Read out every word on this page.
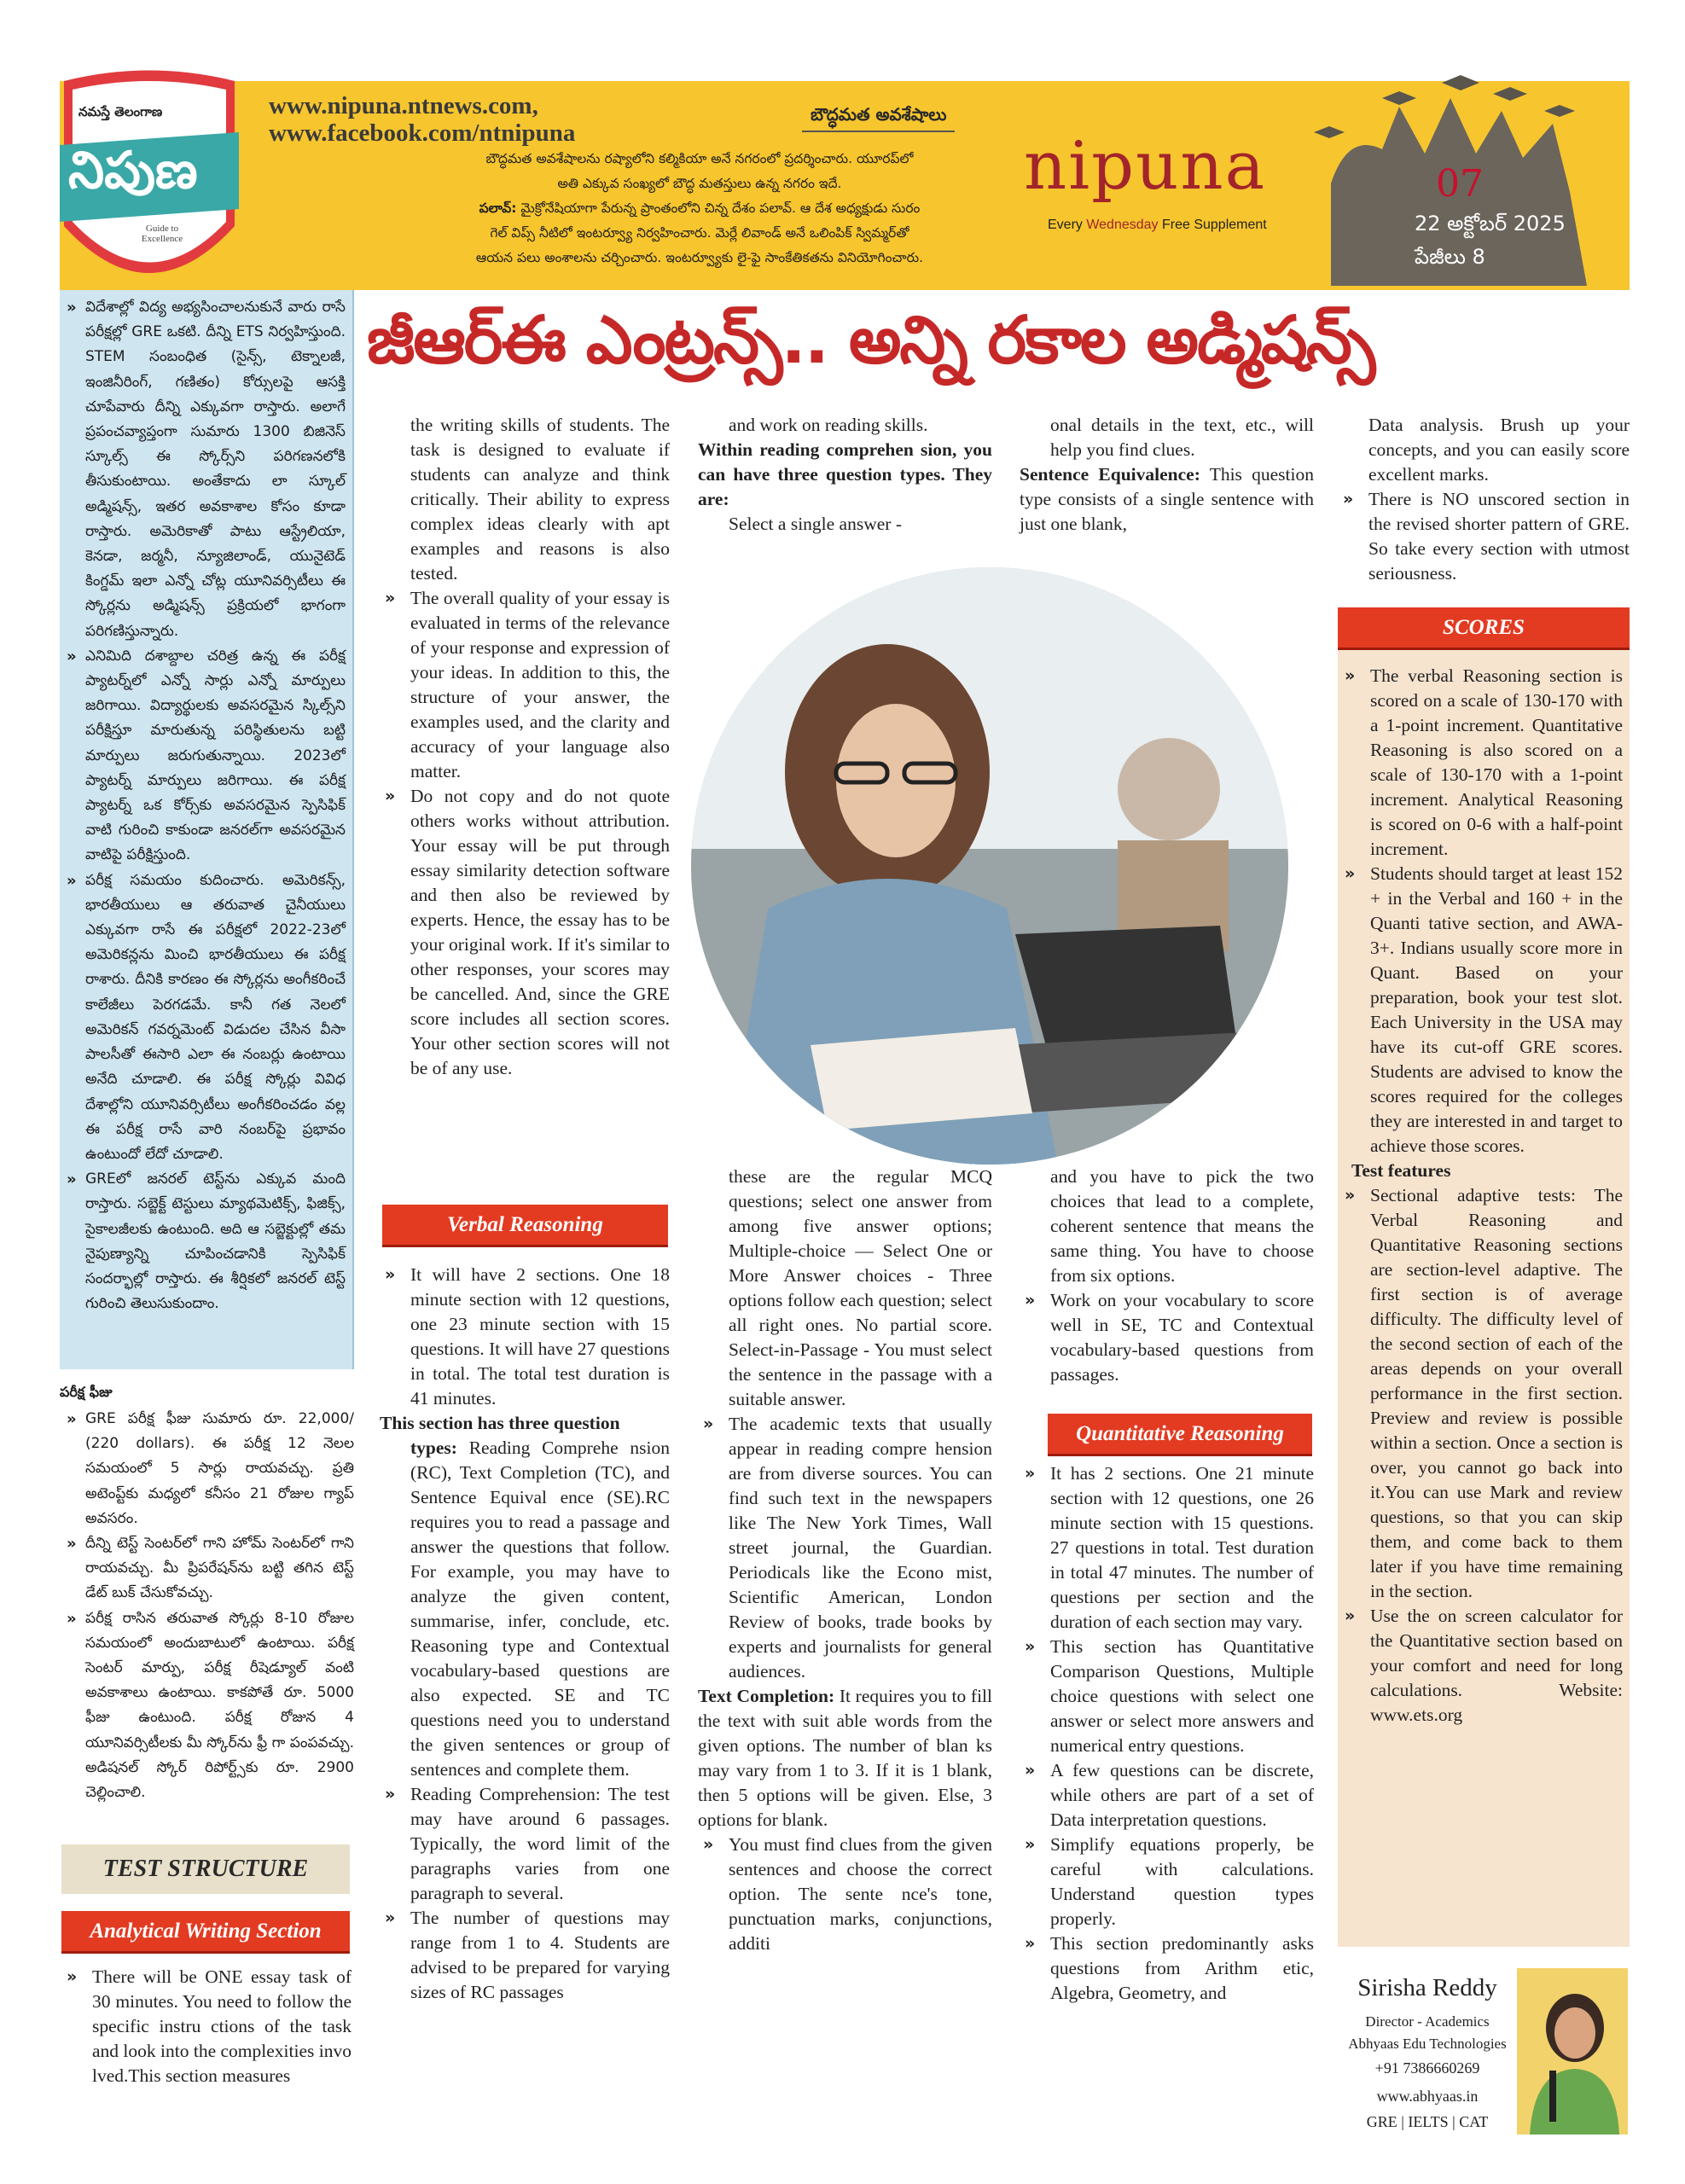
నమస్తే తెలంగాణ
నిపుణ
Guide to Excellence
www.nipuna.ntnews.com,
www.facebook.com/ntnipuna
బౌద్ధమత అవశేషాలు
బౌద్ధమత అవశేషాలను రష్యాలోని కల్మికియా అనే నగరంలో ప్రదర్శించారు. యూరప్‌లో
అతి ఎక్కువ సంఖ్యలో బౌద్ధ మతస్తులు ఉన్న నగరం ఇదే.
పలావ్: మైక్రోనేషియాగా పేరున్న ప్రాంతంలోని చిన్న దేశం పలావ్. ఆ దేశ అధ్యక్షుడు సురం
గెల్ విప్స్ నీటిలో ఇంటర్వ్యూ నిర్వహించారు. మెర్లే లివాండ్ అనే ఒలింపిక్ స్విమ్మర్‌తో
ఆయన పలు అంశాలను చర్చించారు. ఇంటర్వ్యూకు లై-ఫై సాంకేతికతను వినియోగించారు.
nipuna
Every Wednesday Free Supplement
07
22 అక్టోబర్ 2025
పేజీలు 8
జీఆర్ఈ ఎంట్రన్స్.. అన్ని రకాల అడ్మిషన్స్
» విదేశాల్లో విద్య అభ్యసించాలనుకునే వారు రాసే పరీక్షల్లో GRE ఒకటి. దీన్ని ETS నిర్వహిస్తుంది. STEM సంబంధిత (సైన్స్, టెక్నాలజీ, ఇంజినీరింగ్, గణితం) కోర్సులపై ఆసక్తి చూపేవారు దీన్ని ఎక్కువగా రాస్తారు. అలాగే ప్రపంచవ్యాప్తంగా సుమారు 1300 బిజినెస్ స్కూల్స్ ఈ స్కోర్స్‌ని పరిగణనలోకి తీసుకుంటాయి. అంతేకాదు లా స్కూల్ అడ్మిషన్స్, ఇతర అవకాశాల కోసం కూడా రాస్తారు. అమెరికాతో పాటు ఆస్ట్రేలియా, కెనడా, జర్మనీ, న్యూజిలాండ్, యునైటెడ్ కింగ్డమ్ ఇలా ఎన్నో చోట్ల యూనివర్సిటీలు ఈ స్కోర్లను అడ్మిషన్స్ ప్రక్రియలో భాగంగా పరిగణిస్తున్నారు.
» ఎనిమిది దశాబ్దాల చరిత్ర ఉన్న ఈ పరీక్ష ప్యాటర్న్‌లో ఎన్నో సార్లు ఎన్నో మార్పులు జరిగాయి. విద్యార్థులకు అవసరమైన స్కిల్స్‌ని పరీక్షిస్తూ మారుతున్న పరిస్థితులను బట్టి మార్పులు జరుగుతున్నాయి. 2023లో ప్యాటర్న్ మార్పులు జరిగాయి. ఈ పరీక్ష ప్యాటర్న్ ఒక కోర్స్‌కు అవసరమైన స్పెసిఫిక్ వాటి గురించి కాకుండా జనరల్‌గా అవసరమైన వాటిపై పరీక్షిస్తుంది.
» పరీక్ష సమయం కుదించారు. అమెరికన్స్, భారతీయులు ఆ తరువాత చైనీయులు ఎక్కువగా రాసే ఈ పరీక్షలో 2022-23లో అమెరికన్లను మించి భారతీయులు ఈ పరీక్ష రాశారు. దీనికి కారణం ఈ స్కోర్లను అంగీకరించే కాలేజీలు పెరగడమే. కానీ గత నెలలో అమెరికన్ గవర్నమెంట్ విడుదల చేసిన వీసా పాలసీతో ఈసారి ఎలా ఈ నంబర్లు ఉంటాయి అనేది చూడాలి. ఈ పరీక్ష స్కోర్లు వివిధ దేశాల్లోని యూనివర్సిటీలు అంగీకరించడం వల్ల ఈ పరీక్ష రాసే వారి నంబర్‌పై ప్రభావం ఉంటుందో లేదో చూడాలి.
» GREలో జనరల్ టెస్ట్‌ను ఎక్కువ మంది రాస్తారు. సబ్జెక్ట్ టెస్టులు మ్యాథమెటిక్స్, ఫిజిక్స్, సైకాలజీలకు ఉంటుంది. అది ఆ సబ్జెక్టుల్లో తమ నైపుణ్యాన్ని చూపించడానికి స్పెసిఫిక్ సందర్భాల్లో రాస్తారు. ఈ శీర్షికలో జనరల్ టెస్ట్ గురించి తెలుసుకుందాం.
పరీక్ష ఫీజు
» GRE పరీక్ష ఫీజు సుమారు రూ. 22,000/ (220 dollars). ఈ పరీక్ష 12 నెలల సమయంలో 5 సార్లు రాయవచ్చు. ప్రతి అటెంప్ట్‌కు మధ్యలో కనీసం 21 రోజుల గ్యాప్ అవసరం.
» దీన్ని టెస్ట్ సెంటర్‌లో గాని హోమ్ సెంటర్‌లో గాని రాయవచ్చు. మీ ప్రిపరేషన్‌ను బట్టి తగిన టెస్ట్ డేట్ బుక్ చేసుకోవచ్చు.
» పరీక్ష రాసిన తరువాత స్కోర్లు 8-10 రోజుల సమయంలో అందుబాటులో ఉంటాయి. పరీక్ష సెంటర్ మార్పు, పరీక్ష రీషెడ్యూల్ వంటి అవకాశాలు ఉంటాయి. కాకపోతే రూ. 5000 ఫీజు ఉంటుంది. పరీక్ష రోజున 4 యూనివర్సిటీలకు మీ స్కోర్‌ను ఫ్రీ గా పంపవచ్చు. అడిషనల్ స్కోర్ రిపోర్ట్స్‌కు రూ. 2900 చెల్లించాలి.
TEST STRUCTURE
Analytical Writing Section
» There will be ONE essay task of 30 minutes. You need to follow the specific instru ctions of the task and look into the complexities invo lved.This section measures

the writing skills of students. The task is designed to evaluate if students can analyze and think critically. Their ability to express complex ideas clearly with apt examples and reasons is also tested.

» The overall quality of your essay is evaluated in terms of the relevance of your response and expression of your ideas. In addition to this, the structure of your answer, the examples used, and the clarity and accuracy of your language also matter.

» Do not copy and do not quote others works without attribution. Your essay will be put through essay similarity detection software and then also be reviewed by experts. Hence, the essay has to be your original work. If it's similar to other responses, your scores may be cancelled. And, since the GRE score includes all section scores. Your other section scores will not be of any use.

Verbal Reasoning

» It will have 2 sections. One 18 minute section with 12 questions, one 23 minute section with 15 questions. It will have 27 questions in total. The total test duration is 41 minutes.

This section has three question

types: Reading Comprehe nsion (RC), Text Completion (TC), and Sentence Equival ence (SE).RC requires you to read a passage and answer the questions that follow. For example, you may have to analyze the given content, summarise, infer, conclude, etc. Reasoning type and Contextual vocabulary-based questions are also expected. SE and TC questions need you to understand the given sentences or group of sentences and complete them.

» Reading Comprehension: The test may have around 6 passages. Typically, the word limit of the paragraphs varies from one paragraph to several.

» The number of questions may range from 1 to 4. Students are advised to be prepared for varying sizes of RC passages

and work on reading skills.

Within reading comprehen sion, you can have three question types. They are:

Select a single answer -

onal details in the text, etc., will help you find clues.

Sentence Equivalence: This question type consists of a single sentence with just one blank,

these are the regular MCQ questions; select one answer from among five answer options; Multiple-choice — Select One or More Answer choices - Three options follow each question; select all right ones. No partial score. Select-in-Passage - You must select the sentence in the passage with a suitable answer.

» The academic texts that usually appear in reading compre hension are from diverse sources. You can find such text in the newspapers like The New York Times, Wall street journal, the Guardian. Periodicals like the Econo mist, Scientific American, London Review of books, trade books by experts and journalists for general audiences.

Text Completion: It requires you to fill the text with suit able words from the given options. The number of blan ks may vary from 1 to 3. If it is 1 blank, then 5 options will be given. Else, 3 options for blank.

» You must find clues from the given sentences and choose the correct option. The sente nce's tone, punctuation marks, conjunctions, additi

and you have to pick the two choices that lead to a complete, coherent sentence that means the same thing. You have to choose from six options.

» Work on your vocabulary to score well in SE, TC and Contextual vocabulary-based questions from passages.

Quantitative Reasoning

» It has 2 sections. One 21 minute section with 12 questions, one 26 minute section with 15 questions. 27 questions in total. Test duration in total 47 minutes. The number of questions per section and the duration of each section may vary.

» This section has Quantitative Comparison Questions, Multiple choice questions with select one answer or select more answers and numerical entry questions.

» A few questions can be discrete, while others are part of a set of Data interpretation questions.

» Simplify equations properly, be careful with calculations. Understand question types properly.

» This section predominantly asks questions from Arithm etic, Algebra, Geometry, and

Data analysis. Brush up your concepts, and you can easily score excellent marks.

» There is NO unscored section in the revised shorter pattern of GRE. So take every section with utmost seriousness.

SCORES

» The verbal Reasoning section is scored on a scale of 130-170 with a 1-point increment. Quantitative Reasoning is also scored on a scale of 130-170 with a 1-point increment. Analytical Reasoning is scored on 0-6 with a half-point increment.

» Students should target at least 152 + in the Verbal and 160 + in the Quanti tative section, and AWA-3+. Indians usually score more in Quant. Based on your preparation, book your test slot. Each University in the USA may have its cut-off GRE scores. Students are advised to know the scores required for the colleges they are interested in and target to achieve those scores.

Test features

» Sectional adaptive tests: The Verbal Reasoning and Quantitative Reasoning sections are section-level adaptive. The first section is of average difficulty. The difficulty level of the second section of each of the areas depends on your overall performance in the first section. Preview and review is possible within a section. Once a section is over, you cannot go back into it.You can use Mark and review questions, so that you can skip them, and come back to them later if you have time remaining in the section.

» Use the on screen calculator for the Quantitative section based on your comfort and need for long calculations. Website: www.ets.org

Sirisha Reddy
Director - Academics
Abhyaas Edu Technologies
+91 7386660269
www.abhyaas.in
GRE | IELTS | CAT
